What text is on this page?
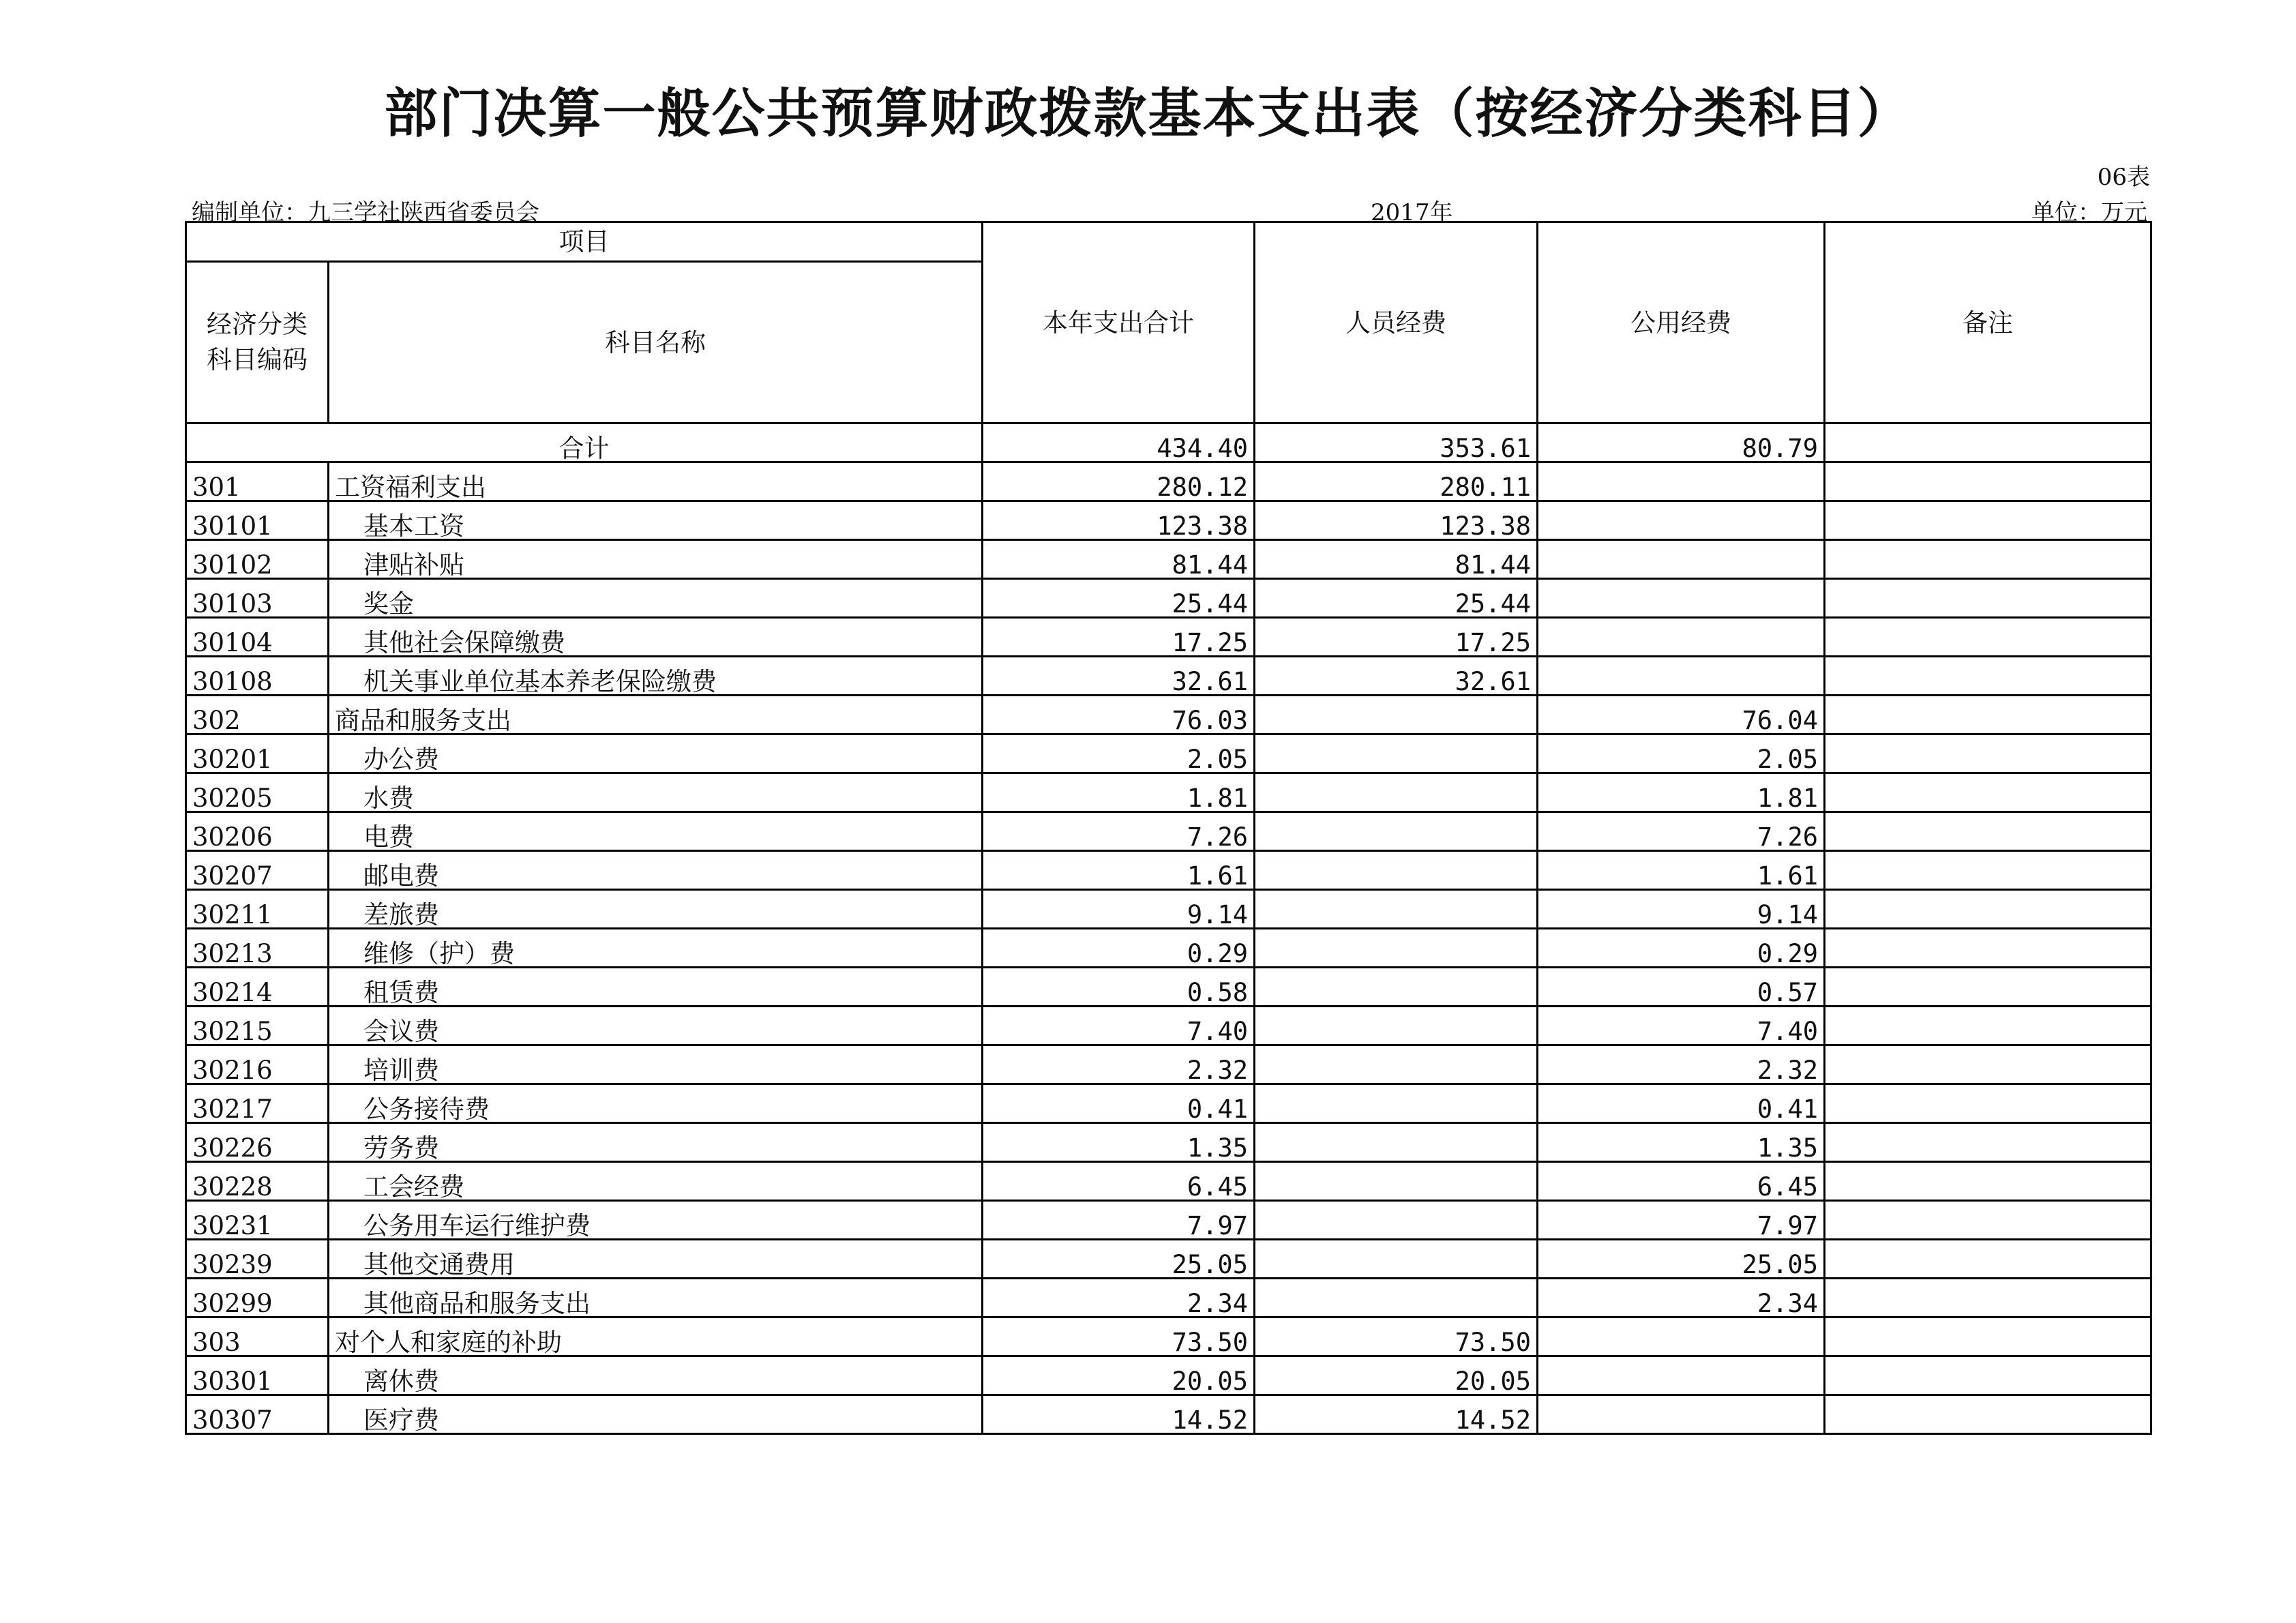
部门决算一般公共预算财政拨款基本支出表（按经济分类科目）
06表
编制单位：九三学社陕西省委员会	2017年	单位：万元
项目		本年支出合计	人员经费	公用经费	备注
经济分类科目编码	科目名称				
合计		434.40	353.61	80.79	
301	工资福利支出	280.12	280.11		
30101	基本工资	123.38	123.38		
30102	津贴补贴	81.44	81.44		
30103	奖金	25.44	25.44		
30104	其他社会保障缴费	17.25	17.25		
30108	机关事业单位基本养老保险缴费	32.61	32.61		
302	商品和服务支出	76.03		76.04	
30201	办公费	2.05		2.05	
30205	水费	1.81		1.81	
30206	电费	7.26		7.26	
30207	邮电费	1.61		1.61	
30211	差旅费	9.14		9.14	
30213	维修（护）费	0.29		0.29	
30214	租赁费	0.58		0.57	
30215	会议费	7.40		7.40	
30216	培训费	2.32		2.32	
30217	公务接待费	0.41		0.41	
30226	劳务费	1.35		1.35	
30228	工会经费	6.45		6.45	
30231	公务用车运行维护费	7.97		7.97	
30239	其他交通费用	25.05		25.05	
30299	其他商品和服务支出	2.34		2.34	
303	对个人和家庭的补助	73.50	73.50		
30301	离休费	20.05	20.05		
30307	医疗费	14.52	14.52		
